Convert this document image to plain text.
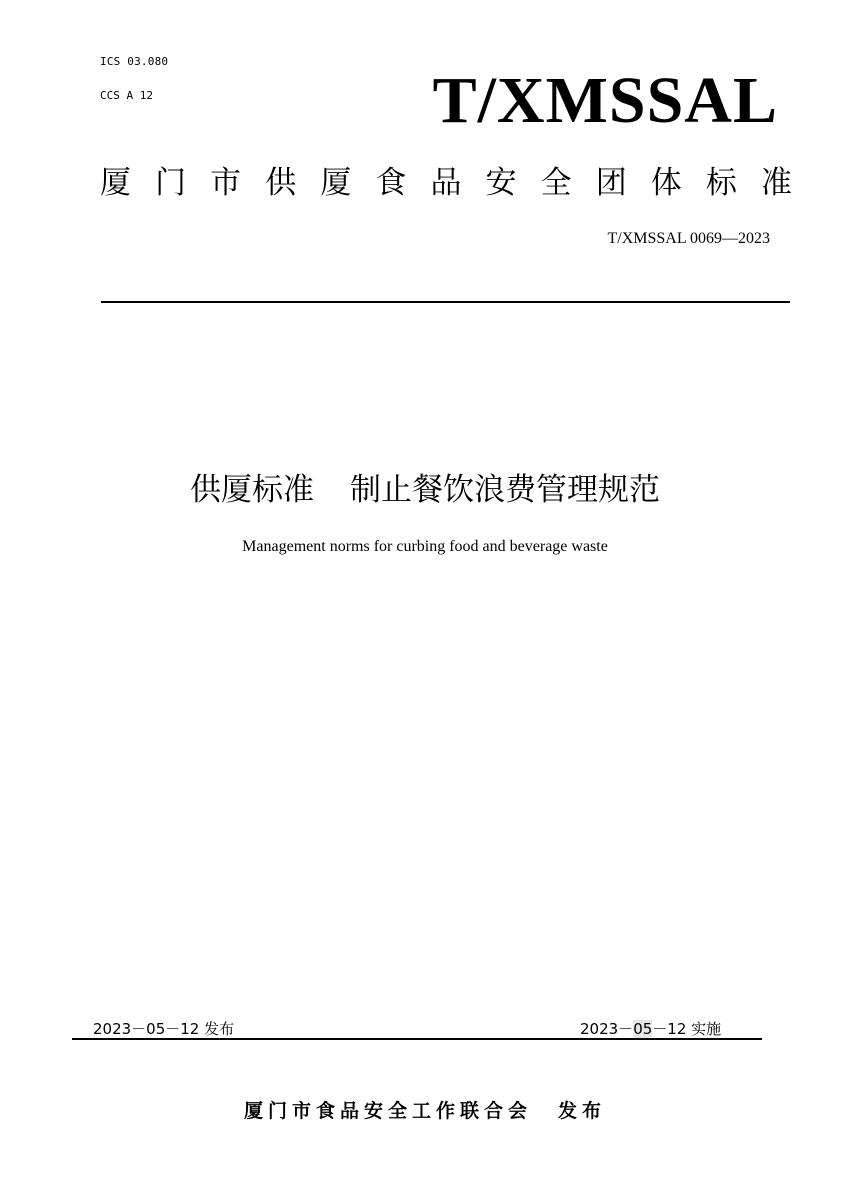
ICS 03.080
CCS A 12	T/XMSSAL
厦 门 市 供 厦 食 品 安 全 团 体 标 准
T/XMSSAL 0069—2023
供厦标准 制止餐饮浪费管理规范
Management norms for curbing food and beverage waste
2023－05－12 发布	2023－05－12 实施
厦门市食品安全工作联合会 发布
